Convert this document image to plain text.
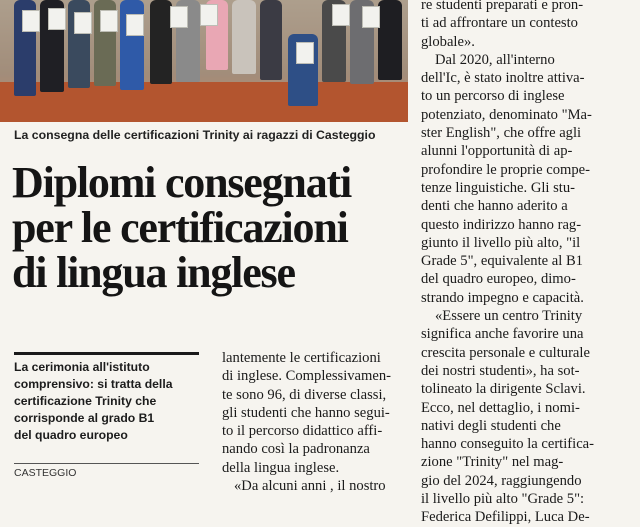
La consegna delle certificazioni Trinity ai ragazzi di Casteggio
Diplomi consegnati
per le certificazioni
di lingua inglese
La cerimonia all'istituto
comprensivo: si tratta della
certificazione Trinity che
corrisponde al grado B1
del quadro europeo
CASTEGGIO
lantemente le certificazioni
di inglese. Complessivamen-
te sono 96, di diverse classi,
gli studenti che hanno segui-
to il percorso didattico affi-
nando così la padronanza
della lingua inglese.
«Da alcuni anni , il nostro
re studenti preparati e pron-
ti ad affrontare un contesto
globale».
Dal 2020, all'interno
dell'Ic, è stato inoltre attiva-
to un percorso di inglese
potenziato, denominato "Ma-
ster English", che offre agli
alunni l'opportunità di ap-
profondire le proprie compe-
tenze linguistiche. Gli stu-
denti che hanno aderito a
questo indirizzo hanno rag-
giunto il livello più alto, "il
Grade 5", equivalente al B1
del quadro europeo, dimo-
strando impegno e capacità.
«Essere un centro Trinity
significa anche favorire una
crescita personale e culturale
dei nostri studenti», ha sot-
tolineato la dirigente Sclavi.
Ecco, nel dettaglio, i nomi-
nativi degli studenti che
hanno conseguito la certifica-
zione "Trinity" nel mag-
gio del 2024, raggiungendo
il livello più alto "Grade 5":
Federica Defilippi, Luca De-
